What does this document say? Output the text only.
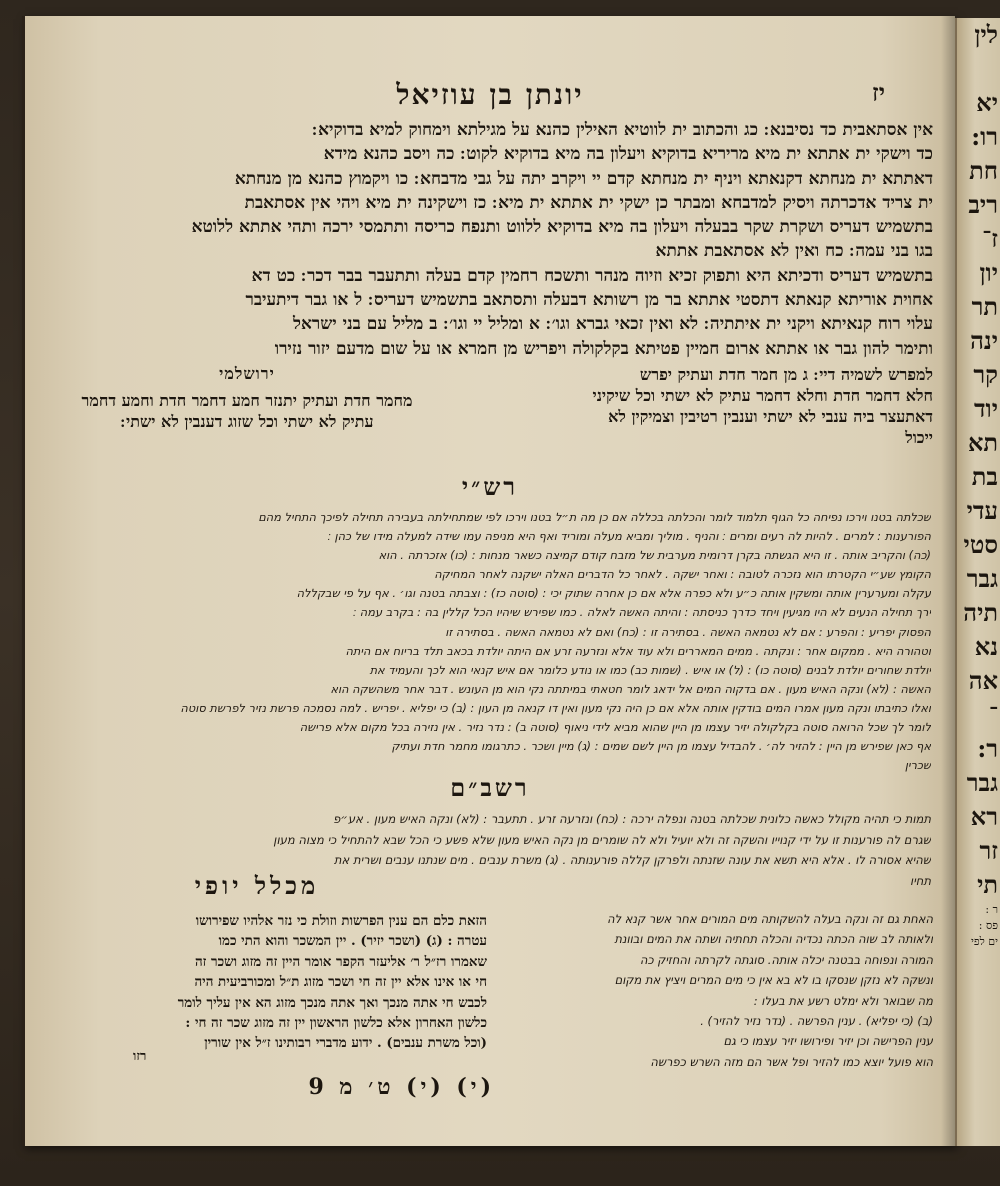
יונתן בן עוזיאל	יז

אין אסתאבית כד נסיבנא ׃ כג והכתוב ית לווטיא האילין כהנא על מגילתא וימחוק למיא בדוקיא ׃

כד וישקי ית אתתא ית מיא מריריא בדוקיא ויעלון בה מיא בדוקיא לקוט ׃ כה ויסב כהנא מידא

דאתתא ית מנחתא דקנאתא ויניף ית מנחתא קדם יי ויקרב יתה על גבי מדבחא ׃ כו ויקמוץ כהנא מן מנחתא

ית צריד אדכרתה ויסיק למדבחא ומבתר כן ישקי ית אתתא ית מיא ׃ כז וישקינה ית מיא ויהי אין אסתאבת

בתשמיש דעריס ושקרת שקר בבעלה ויעלון בה מיא בדוקיא ללווט ותנפח כריסה ותתמסי ירכה ותהי אתתא ללוטא

בגו בני עמה ׃ כח ואין לא אסתאבת אתתא

בתשמיש דעריס ודכיתא היא ותפוק זכיא וזיוה מנהר ותשכח רחמין קדם בעלה ותתעבר בבר דכר ׃ כט דא

אחוית אוריתא קנאתא דתסטי אתתא בר מן רשותא דבעלה ותסתאב בתשמיש דעריס ׃ ל או גבר דיתעיבר

עלוי רוח קנאיתא ויקני ית איתתיה ׃ לא ואין זכאי גברא וגו׳ ׃ א ומליל יי וגו׳ ׃ ב מליל עם בני ישראל

ותימר להון גבר או אתתא ארום חמיין פטיתא בקלקולה ויפריש מן חמרא או על שום מדעם יזור נזירו

למפרש לשמיה דיי ׃ ג מן חמר חדת ועתיק יפרש

חלא דחמר חדת וחלא דחמר עתיק לא ישתי וכל שיקיני

דאתעצר ביה ענבי לא ישתי וענבין רטיבין וצמיקין לא

ייכול

ירושלמי

מחמר חדת ועתיק יתנזר חמע דחמר חדת וחמע דחמר

עתיק לא ישתי וכל שזוג דענבין לא ישתי ׃

רש״י

שכלתה בטנו וירכו נפיחה כל הגוף תלמוד לומר והכלתה בכללה אם כן מה ת״ל בטנו וירכו לפי שמתחילתה בעבירה תחילה לפיכך התחיל מהם

הפורענות : למרים . להיות לה רעים ומרים ׃ והניף . מוליך ומביא מעלה ומוריד ואף היא מניפה עמו שידה למעלה מידו של כהן ׃

(כה) והקריב אותה . זו היא הגשתה בקרן דרומית מערבית של מזבח קודם קמיצה כשאר מנחות : (כו) אזכרתה . הוא

הקומץ שע״י הקטרתו הוא נזכרה לטובה : ואחר ישקה . לאחר כל הדברים האלה ישקנה לאחר המחיקה

עקלה ומערערין אותה ומשקין אותה כ״ע ולא כפרה אלא אם כן אחרה שתוק יכי : (סוטה כז) : וצבתה בטנה וגו׳ . אף על פי שבקללה

ירך תחילה הנעים לא היו מגיעין ויחד כדרך כניסתה : והיתה האשה לאלה . כמו שפירש שיהיו הכל קללין בה : בקרב עמה ׃

הפסוק יפריע : והפרע : אם לא נטמאה האשה . בסתירה זו : (כח) ואם לא נטמאה האשה . בסתירה זו

וטהורה היא . ממקום אחר : ונקתה . ממים המאררים ולא עוד אלא ונזרעה זרע אם היתה יולדת בכאב תלד בריוח אם היתה

יולדת שחורים יולדת לבנים (סוטה כו) : (ל) או איש . (שמות כב) כמו או נודע כלומר אם איש קנאי הוא לכך והעמיד את

האשה : (לא) ונקה האיש מעון . אם בדקוה המים אל ידאג לומר חטאתי במיתתה נקי הוא מן העונש . דבר אחר משהשקה הוא

ואלו כתיבתו ונקה מעון אמרו המים בודקין אותה אלא אם כן היה נקי מעון ואין דו קנאה מן העון : (ב) כי יפליא . יפריש . למה נסמכה פרשת נזיר לפרשת סוטה

לומר לך שכל הרואה סוטה בקלקולה יזיר עצמו מן היין שהוא מביא לידי ניאוף (סוטה ב) : נדר נזיר . אין נזירה בכל מקום אלא פרישה

אף כאן שפירש מן היין : להזיר לה׳ . להבדיל עצמו מן היין לשם שמים : (ג) מיין ושכר . כתרגומו מחמר חדת ועתיק

שכרין

רשב״ם

תמות כי תהיה מקולל כאשה כלונית שכלתה בטנה ונפלה ירכה : (כח) ונזרעה זרע . תתעבר : (לא) ונקה האיש מעון . אע״פ

שגרם לה פורענות זו על ידי קנוייו והשקה זה ולא יועיל ולא לה שומרים מן נקה האיש מעון שלא פשע כי הכל שבא להתחיל כי מצוה מעון

שהיא אסורה לו . אלא היא תשא את עונה שזנתה ולפרקן קללה פורענותה . (ג) משרת ענבים . מים שנתנו ענבים ושרית את

תחיו

מכלל יופי

האחת גם זה ונקה בעלה להשקותה מים המורים אחר אשר קנא לה

ולאותה לב שוה הכתה נכדיה והכלה תחתיה ושתה את המים ובוונת

המורה ונפוחה בבטנה יכלה אותה. סוגתה לקרתה והחזיק כה

ונשקה לא נזקן שנסקו בו לא בא אין כי מים המרים ויציץ את מקום

מה שבואר ולא ימלט רשע את בעלו :

(ב) (כי יפליא) . ענין הפרשה . (נדר נזיר להזיר) .

ענין הפרישה וכן יזיר ופירושו יזיר עצמו כי גם

הוא פועל יוצא כמו להזיר ופל אשר הם מזה השרש כפרשה

הזאת כלם הם ענין הפרשות וזולת כי נזר אלהיו שפירושו

עטרה : (ג) (ושכר יזיר) . יין המשכר והוא התי כמו

שאמרו רז״ל ר׳ אליעזר הקפר אומר היין זה מזוג ושכר זה

חי או אינו אלא יין זה חי ושכר מזוג ת״ל ומכורביעית היה

לכבש חי אתה מנכך ואך אתה מנכך מזוג הא אין עליך לומר

כלשון האחרון אלא כלשון הראשון יין זה מזוג שכר זה חי :

(וכל משרת ענבים) . ידוע מדברי רבותינו ז״ל אין שורין

רזו
(י) (י) ט׳ מ 9
לין
יא
רו:
חת
ריב
ז־
יון
תר
ינה
קר
יוד
תא
בת
עדי
סטי
גבר
תיה
נא
אה
־
ר:
גבר
רא
זר
תי
ר :
פס :
ים לפי
